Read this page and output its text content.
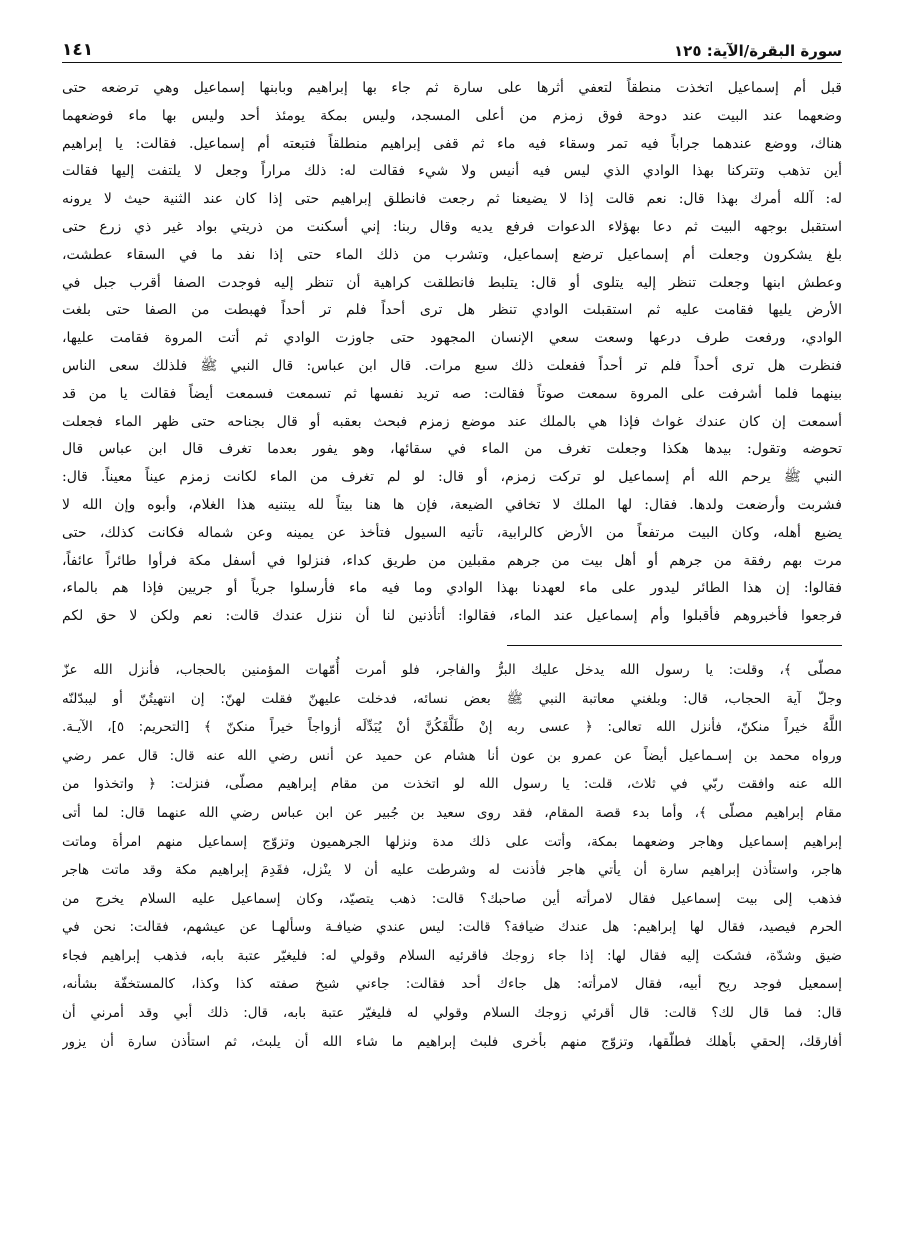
سورة البقرة/الآية: ١٢٥
١٤١
قبل أم إسماعيل اتخذت منطقاً لتعفي أثرها على سارة ثم جاء بها إبراهيم وبابنها إسماعيل وهي ترضعه حتى
وضعهما عند البيت عند دوحة فوق زمزم من أعلى المسجد، وليس بمكة يومئذ أحد وليس بها ماء فوضعهما
هناك، ووضع عندهما جراباً فيه تمر وسقاء فيه ماء ثم قفى إبراهيم منطلقاً فتبعته أم إسماعيل. فقالت: يا إبراهيم
أين تذهب وتتركنا بهذا الوادي الذي ليس فيه أنيس ولا شيء فقالت له: ذلك مراراً وجعل لا يلتفت إليها فقالت
له: آلله أمرك بهذا قال: نعم قالت إذا لا يضيعنا ثم رجعت فانطلق إبراهيم حتى إذا كان عند الثنية حيث لا يرونه
استقبل بوجهه البيت ثم دعا بهؤلاء الدعوات فرفع يديه وقال ربنا: إني أسكنت من ذريتي بواد غير ذي زرع حتى
بلغ يشكرون وجعلت أم إسماعيل ترضع إسماعيل، وتشرب من ذلك الماء حتى إذا نفد ما في السقاء عطشت،
وعطش ابنها وجعلت تنظر إليه يتلوى أو قال: يتلبط فانطلقت كراهية أن تنظر إليه فوجدت الصفا أقرب جبل في
الأرض يليها فقامت عليه ثم استقبلت الوادي تنظر هل ترى أحداً فلم تر أحداً فهبطت من الصفا حتى بلغت
الوادي، ورفعت طرف درعها وسعت سعي الإنسان المجهود حتى جاوزت الوادي ثم أتت المروة فقامت عليها،
فنظرت هل ترى أحداً فلم تر أحداً ففعلت ذلك سبع مرات. قال ابن عباس: قال النبي ﷺ فلذلك سعى الناس
بينهما فلما أشرفت على المروة سمعت صوتاً فقالت: صه تريد نفسها ثم تسمعت فسمعت أيضاً فقالت يا من قد
أسمعت إن كان عندك غواث فإذا هي بالملك عند موضع زمزم فبحث بعقبه أو قال بجناحه حتى ظهر الماء فجعلت
تحوضه وتقول: بيدها هكذا وجعلت تغرف من الماء في سقائها، وهو يفور بعدما تغرف قال ابن عباس قال
النبي ﷺ يرحم الله أم إسماعيل لو تركت زمزم، أو قال: لو لم تغرف من الماء لكانت زمزم عيناً معيناً. قال:
فشربت وأرضعت ولدها. فقال: لها الملك لا تخافي الضيعة، فإن ها هنا بيتاً لله يبتنيه هذا الغلام، وأبوه وإن الله لا
يضيع أهله، وكان البيت مرتفعاً من الأرض كالرابية، تأتيه السيول فتأخذ عن يمينه وعن شماله فكانت كذلك، حتى
مرت بهم رفقة من جرهم أو أهل بيت من جرهم مقبلين من طريق كداء، فنزلوا في أسفل مكة فرأوا طائراً عائفاً،
فقالوا: إن هذا الطائر ليدور على ماء لعهدنا بهذا الوادي وما فيه ماء فأرسلوا جرياً أو جريين فإذا هم بالماء،
فرجعوا فأخبروهم فأقبلوا وأم إسماعيل عند الماء، فقالوا: أتأذنين لنا أن ننزل عندك قالت: نعم ولكن لا حق لكم
مصلّى ﴾، وقلت: يا رسول الله يدخل عليك البرُّ والفاجر، فلو أمرت أُمّهات المؤمنين بالحجاب، فأنزل الله عزّ
وجلّ آية الحجاب، قال: وبلغني معاتبة النبي ﷺ بعض نسائه، فدخلت عليهنّ فقلت لهنّ: إن انتهيتُنّ أو ليبدّلنّه
اللَّهُ خيراً منكنّ، فأنزل الله تعالى: ﴿ عسى ربه إنْ طَلَّقَكُنَّ أنْ يُبَدِّلَه أزواجاً خيراً منكنّ ﴾ [التحريم: ٥]، الآيـة.
ورواه محمد بن إسـماعيل أيضاً عن عمرو بن عون أنا هشام عن حميد عن أنس رضي الله عنه قال: قال عمر رضي
الله عنه وافقت ربّي في ثلاث، قلت: يا رسول الله لو اتخذت من مقام إبراهيم مصلّى، فنزلت: ﴿ واتخذوا من
مقام إبراهيم مصلّى ﴾، وأما بدء قصة المقام، فقد روى سعيد بن جُبير عن ابن عباس رضي الله عنهما قال: لما أتى
إبراهيم إسماعيل وهاجر وضعهما بمكة، وأتت على ذلك مدة ونزلها الجرهميون وتزوّج إسماعيل منهم امرأة وماتت
هاجر، واستأذن إبراهيم سارة أن يأتي هاجر فأذنت له وشرطت عليه أن لا ينْزل، فقَدِمَ إبراهيم مكة وقد ماتت هاجر
فذهب إلى بيت إسماعيل فقال لامرأته أين صاحبك؟ قالت: ذهب يتصيّد، وكان إسماعيل عليه السلام يخرج من
الحرم فيصيد، فقال لها إبراهيم: هل عندك ضيافة؟ قالت: ليس عندي ضيافـة وسألهـا عن عيشهم، فقالت: نحن في
ضيق وشدّة، فشكت إليه فقال لها: إذا جاء زوجك فاقرئيه السلام وقولي له: فليغيّر عتبة بابه، فذهب إبراهيم فجاء
إسمعيل فوجد ريح أبيه، فقال لامرأته: هل جاءك أحد فقالت: جاءني شيخ صفته كذا وكذا، كالمستخفّة بشأنه،
قال: فما قال لك؟ قالت: قال أقرئي زوجك السلام وقولي له فليغيّر عتبة بابه، قال: ذلك أبي وقد أمرني أن
أفارقك، إلحقي بأهلك فطلّقها، وتزوّج منهم بأخرى فلبث إبراهيم ما شاء الله أن يلبث، ثم استأذن سارة أن يزور
